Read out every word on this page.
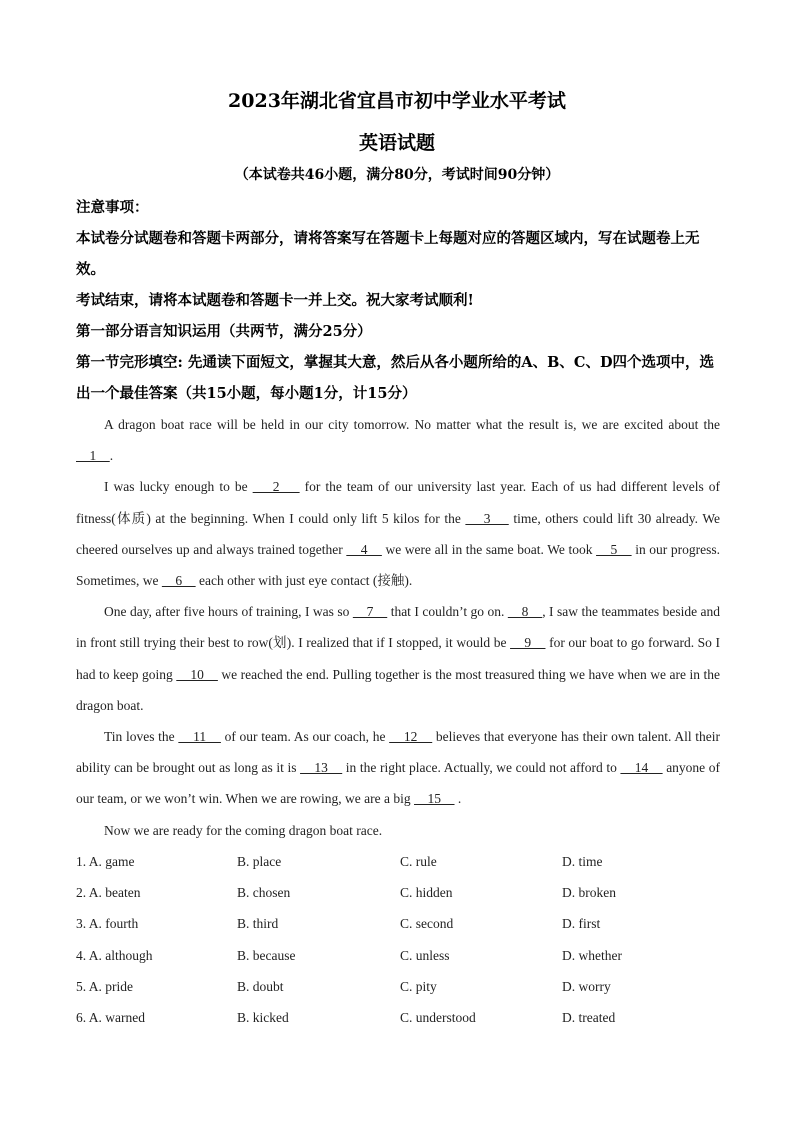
2023年湖北省宜昌市初中学业水平考试
英语试题
（本试卷共46小题，满分80分，考试时间90分钟）
注意事项：
本试卷分试题卷和答题卡两部分，请将答案写在答题卡上每题对应的答题区域内，写在试题卷上无效。
考试结束，请将本试题卷和答题卡一并上交。祝大家考试顺利!
第一部分语言知识运用（共两节，满分25分）
第一节完形填空: 先通读下面短文，掌握其大意，然后从各小题所给的A、B、C、D四个选项中，选出一个最佳答案（共15小题，每小题1分，计15分）

A dragon boat race will be held in our city tomorrow. No matter what the result is, we are excited about the     1    .

I was lucky enough to be     2     for the team of our university last year. Each of us had different levels of fitness(体质) at the beginning. When I could only lift 5 kilos for the     3     time, others could lift 30 already. We cheered ourselves up and always trained together     4     we were all in the same boat. We took     5     in our progress. Sometimes, we     6     each other with just eye contact (接触).

One day, after five hours of training, I was so     7     that I couldn’t go on.     8    , I saw the teammates beside and in front still trying their best to row(划). I realized that if I stopped, it would be     9     for our boat to go forward. So I had to keep going     10     we reached the end. Pulling together is the most treasured thing we have when we are in the dragon boat.

Tin loves the     11     of our team. As our coach, he     12     believes that everyone has their own talent. All their ability can be brought out as long as it is     13     in the right place. Actually, we could not afford to     14     anyone of our team, or we won’t win. When we are rowing, we are a big     15     .

Now we are ready for the coming dragon boat race.

1. A. game	B. place	C. rule	D. time
2. A. beaten	B. chosen	C. hidden	D. broken
3. A. fourth	B. third	C. second	D. first
4. A. although	B. because	C. unless	D. whether
5. A. pride	B. doubt	C. pity	D. worry
6. A. warned	B. kicked	C. understood	D. treated
